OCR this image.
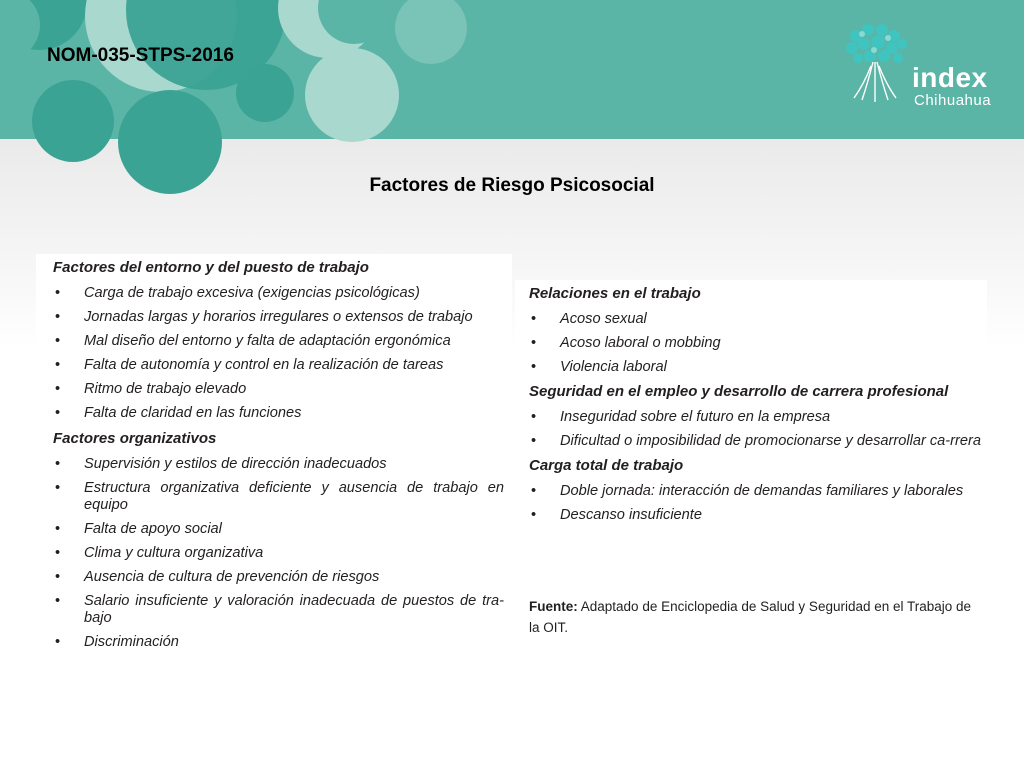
NOM-035-STPS-2016
index
Chihuahua
Factores de Riesgo Psicosocial

Factores del entorno y del puesto de trabajo

•	Carga de trabajo excesiva (exigencias psicológicas)
•	Jornadas largas y horarios irregulares o extensos de trabajo
•	Mal diseño del entorno y falta de adaptación ergonómica
•	Falta de autonomía y control en la realización de tareas
•	Ritmo de trabajo elevado
•	Falta de claridad en las funciones

Factores organizativos

•	Supervisión y estilos de dirección inadecuados
•	Estructura organizativa deficiente y ausencia de trabajo en equipo
•	Falta de apoyo social
•	Clima y cultura organizativa
•	Ausencia de cultura de prevención de riesgos
•	Salario insuficiente y valoración inadecuada de puestos de tra-bajo
•	Discriminación

Relaciones en el trabajo

•	Acoso sexual
•	Acoso laboral o mobbing
•	Violencia laboral

Seguridad en el empleo y desarrollo de carrera profesional

•	Inseguridad sobre el futuro en la empresa
•	Dificultad o imposibilidad de promocionarse y desarrollar ca-rrera

Carga total de trabajo

•	Doble jornada: interacción de demandas familiares y laborales
•	Descanso insuficiente
Fuente: Adaptado de Enciclopedia de Salud y Seguridad en el Trabajo de la OIT.
